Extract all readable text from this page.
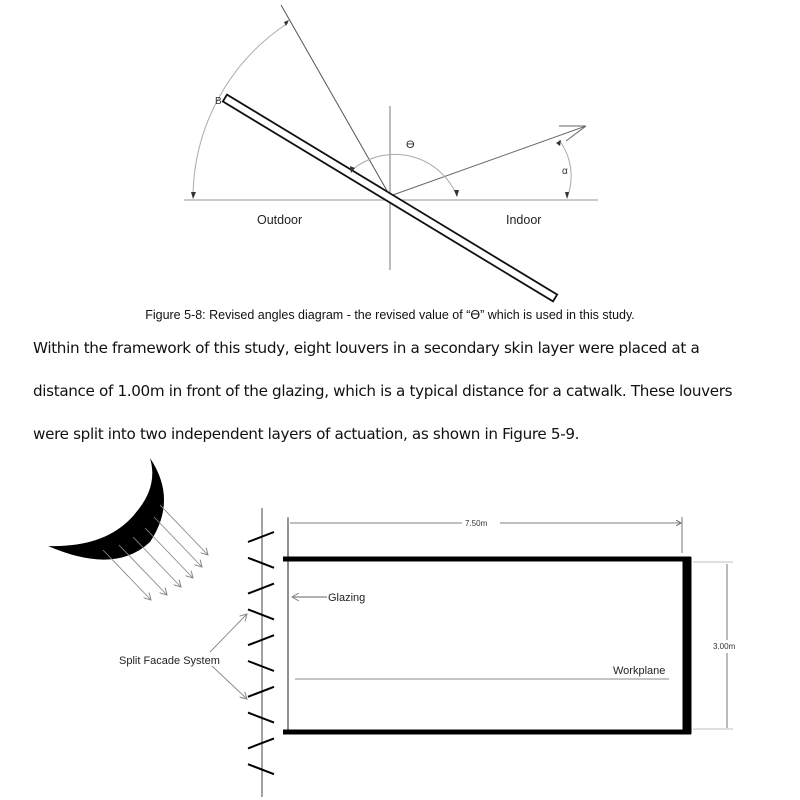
B
ϴ
α
Outdoor	Indoor
Figure 5-8: Revised angles diagram - the revised value of “ϴ” which is used in this study.
Within the framework of this study, eight louvers in a secondary skin layer were placed at a
distance of 1.00m in front of the glazing, which is a typical distance for a catwalk. These louvers
were split into two independent layers of actuation, as shown in Figure 5-9.
Workplane
7.50m
3.00m
Glazing
Split Facade System
